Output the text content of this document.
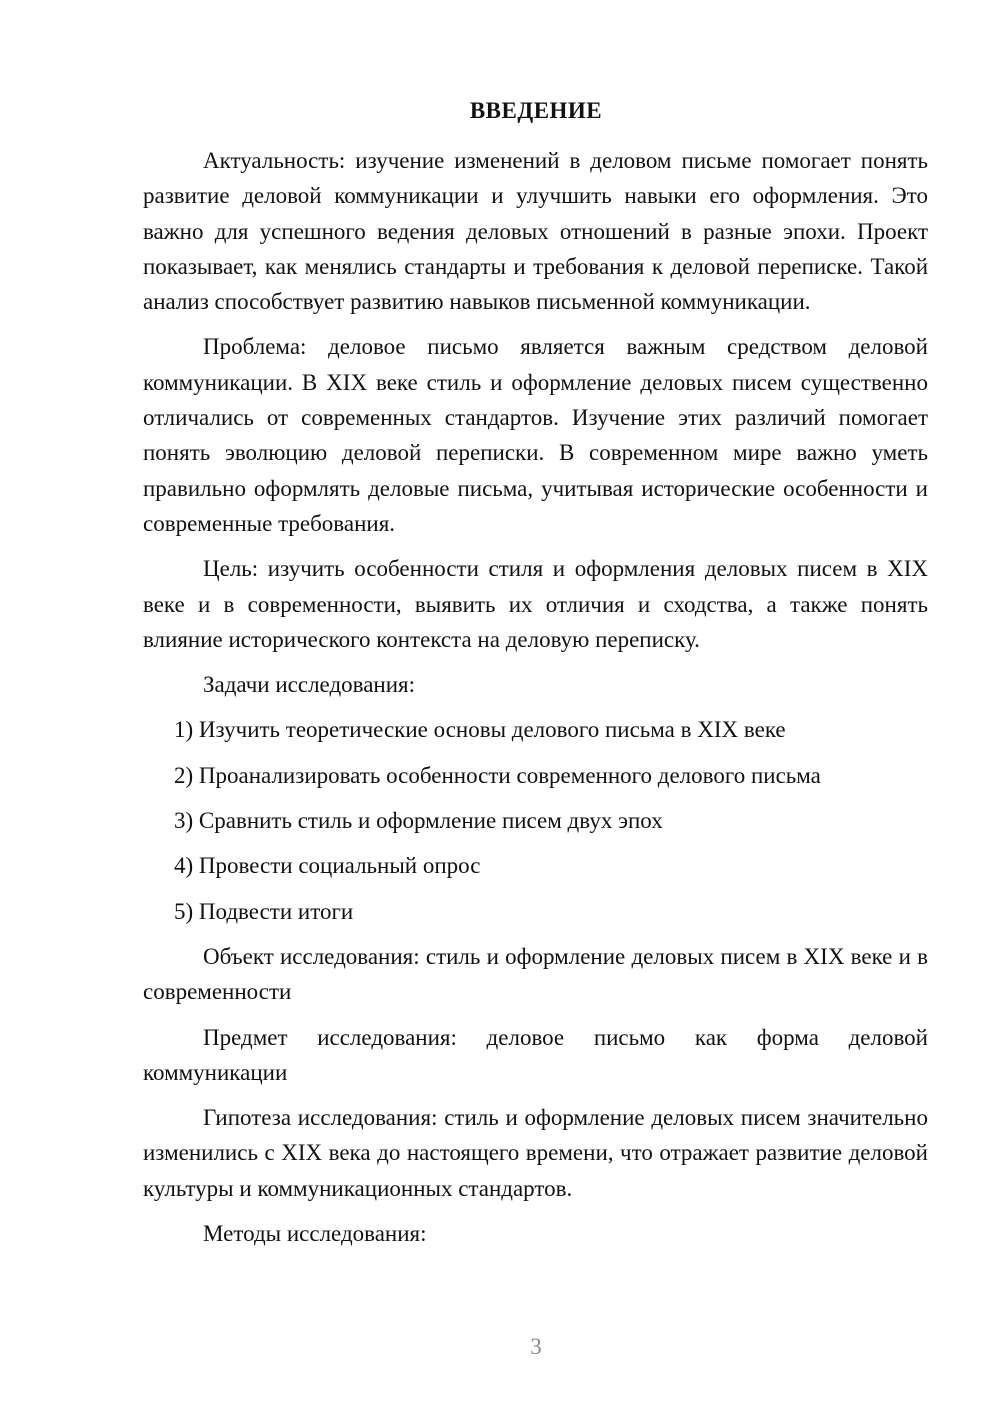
ВВЕДЕНИЕ

Актуальность: изучение изменений в деловом письме помогает понять развитие деловой коммуникации и улучшить навыки его оформления. Это важно для успешного ведения деловых отношений в разные эпохи. Проект показывает, как менялись стандарты и требования к деловой переписке. Такой анализ способствует развитию навыков письменной коммуникации.

Проблема: деловое письмо является важным средством деловой коммуникации. В XIX веке стиль и оформление деловых писем существенно отличались от современных стандартов. Изучение этих различий помогает понять эволюцию деловой переписки. В современном мире важно уметь правильно оформлять деловые письма, учитывая исторические особенности и современные требования.

Цель: изучить особенности стиля и оформления деловых писем в XIX веке и в современности, выявить их отличия и сходства, а также понять влияние исторического контекста на деловую переписку.

Задачи исследования:

1) Изучить теоретические основы делового письма в XIX веке
2) Проанализировать особенности современного делового письма
3) Сравнить стиль и оформление писем двух эпох
4) Провести социальный опрос
5) Подвести итоги

Объект исследования: стиль и оформление деловых писем в XIX веке и в современности

Предмет исследования: деловое письмо как форма деловой коммуникации

Гипотеза исследования: стиль и оформление деловых писем значительно изменились с XIX века до настоящего времени, что отражает развитие деловой культуры и коммуникационных стандартов.

Методы исследования:

3
